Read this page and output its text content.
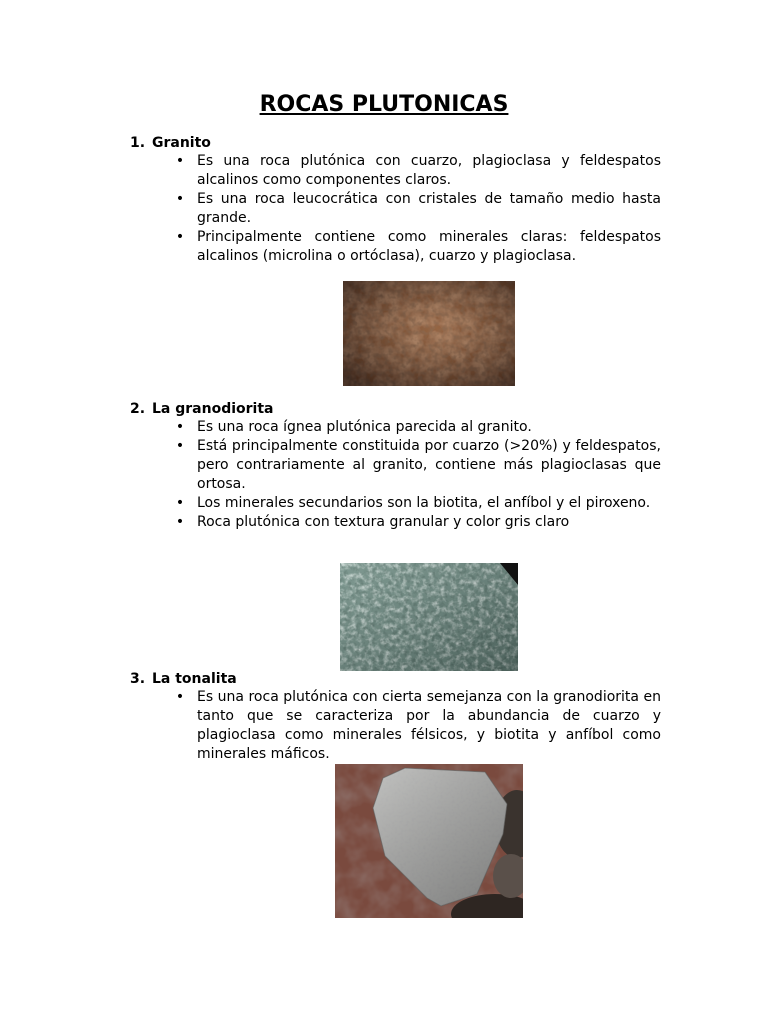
ROCAS PLUTONICAS
1. Granito
• Es una roca plutónica con cuarzo, plagioclasa y feldespatos alcalinos como componentes claros.
• Es una roca leucocrática con cristales de tamaño medio hasta grande.
• Principalmente contiene como minerales claras: feldespatos alcalinos (microlina o ortóclasa), cuarzo y plagioclasa.
2. La granodiorita
• Es una roca ígnea plutónica parecida al granito.
• Está principalmente constituida por cuarzo (>20%) y feldespatos, pero contrariamente al granito, contiene más plagioclasas que ortosa.
• Los minerales secundarios son la biotita, el anfíbol y el piroxeno.
• Roca plutónica con textura granular y color gris claro
3. La tonalita
• Es una roca plutónica con cierta semejanza con la granodiorita en tanto que se caracteriza por la abundancia de cuarzo y plagioclasa como minerales félsicos, y biotita y anfíbol como minerales máficos.
